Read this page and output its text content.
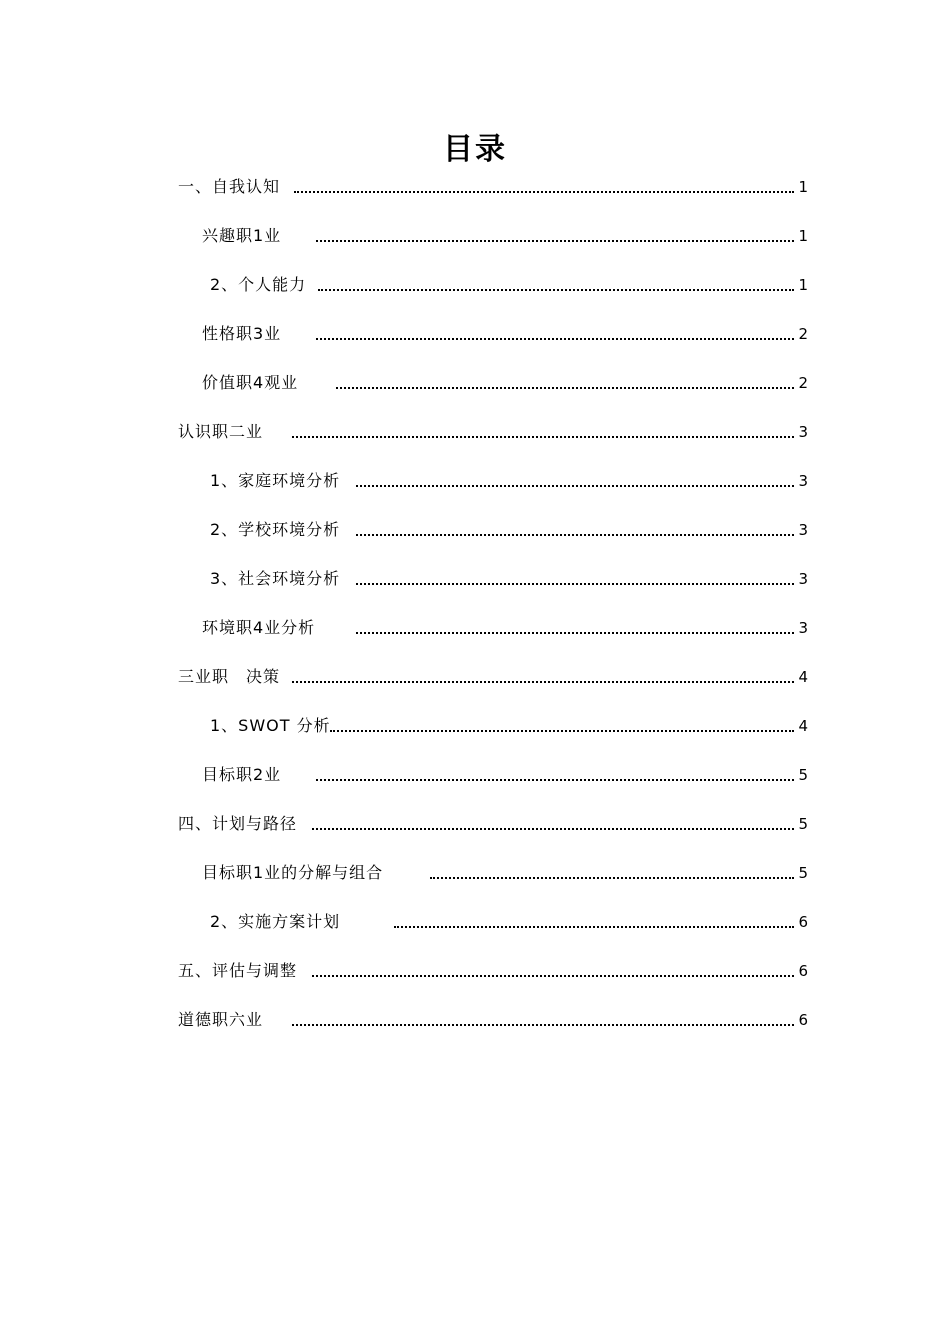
目录
一、自我认知	1
兴趣职1业	1
2、个人能力	1
性格职3业	2
价值职4观业	2
认识职二业	3
1、家庭环境分析	3
2、学校环境分析	3
3、社会环境分析	3
环境职4业分析	3
三业职　决策	4
1、SWOT 分析	4
目标职2业	5
四、计划与路径	5
目标职1业的分解与组合	5
2、实施方案计划	6
五、评估与调整	6
道德职六业	6
